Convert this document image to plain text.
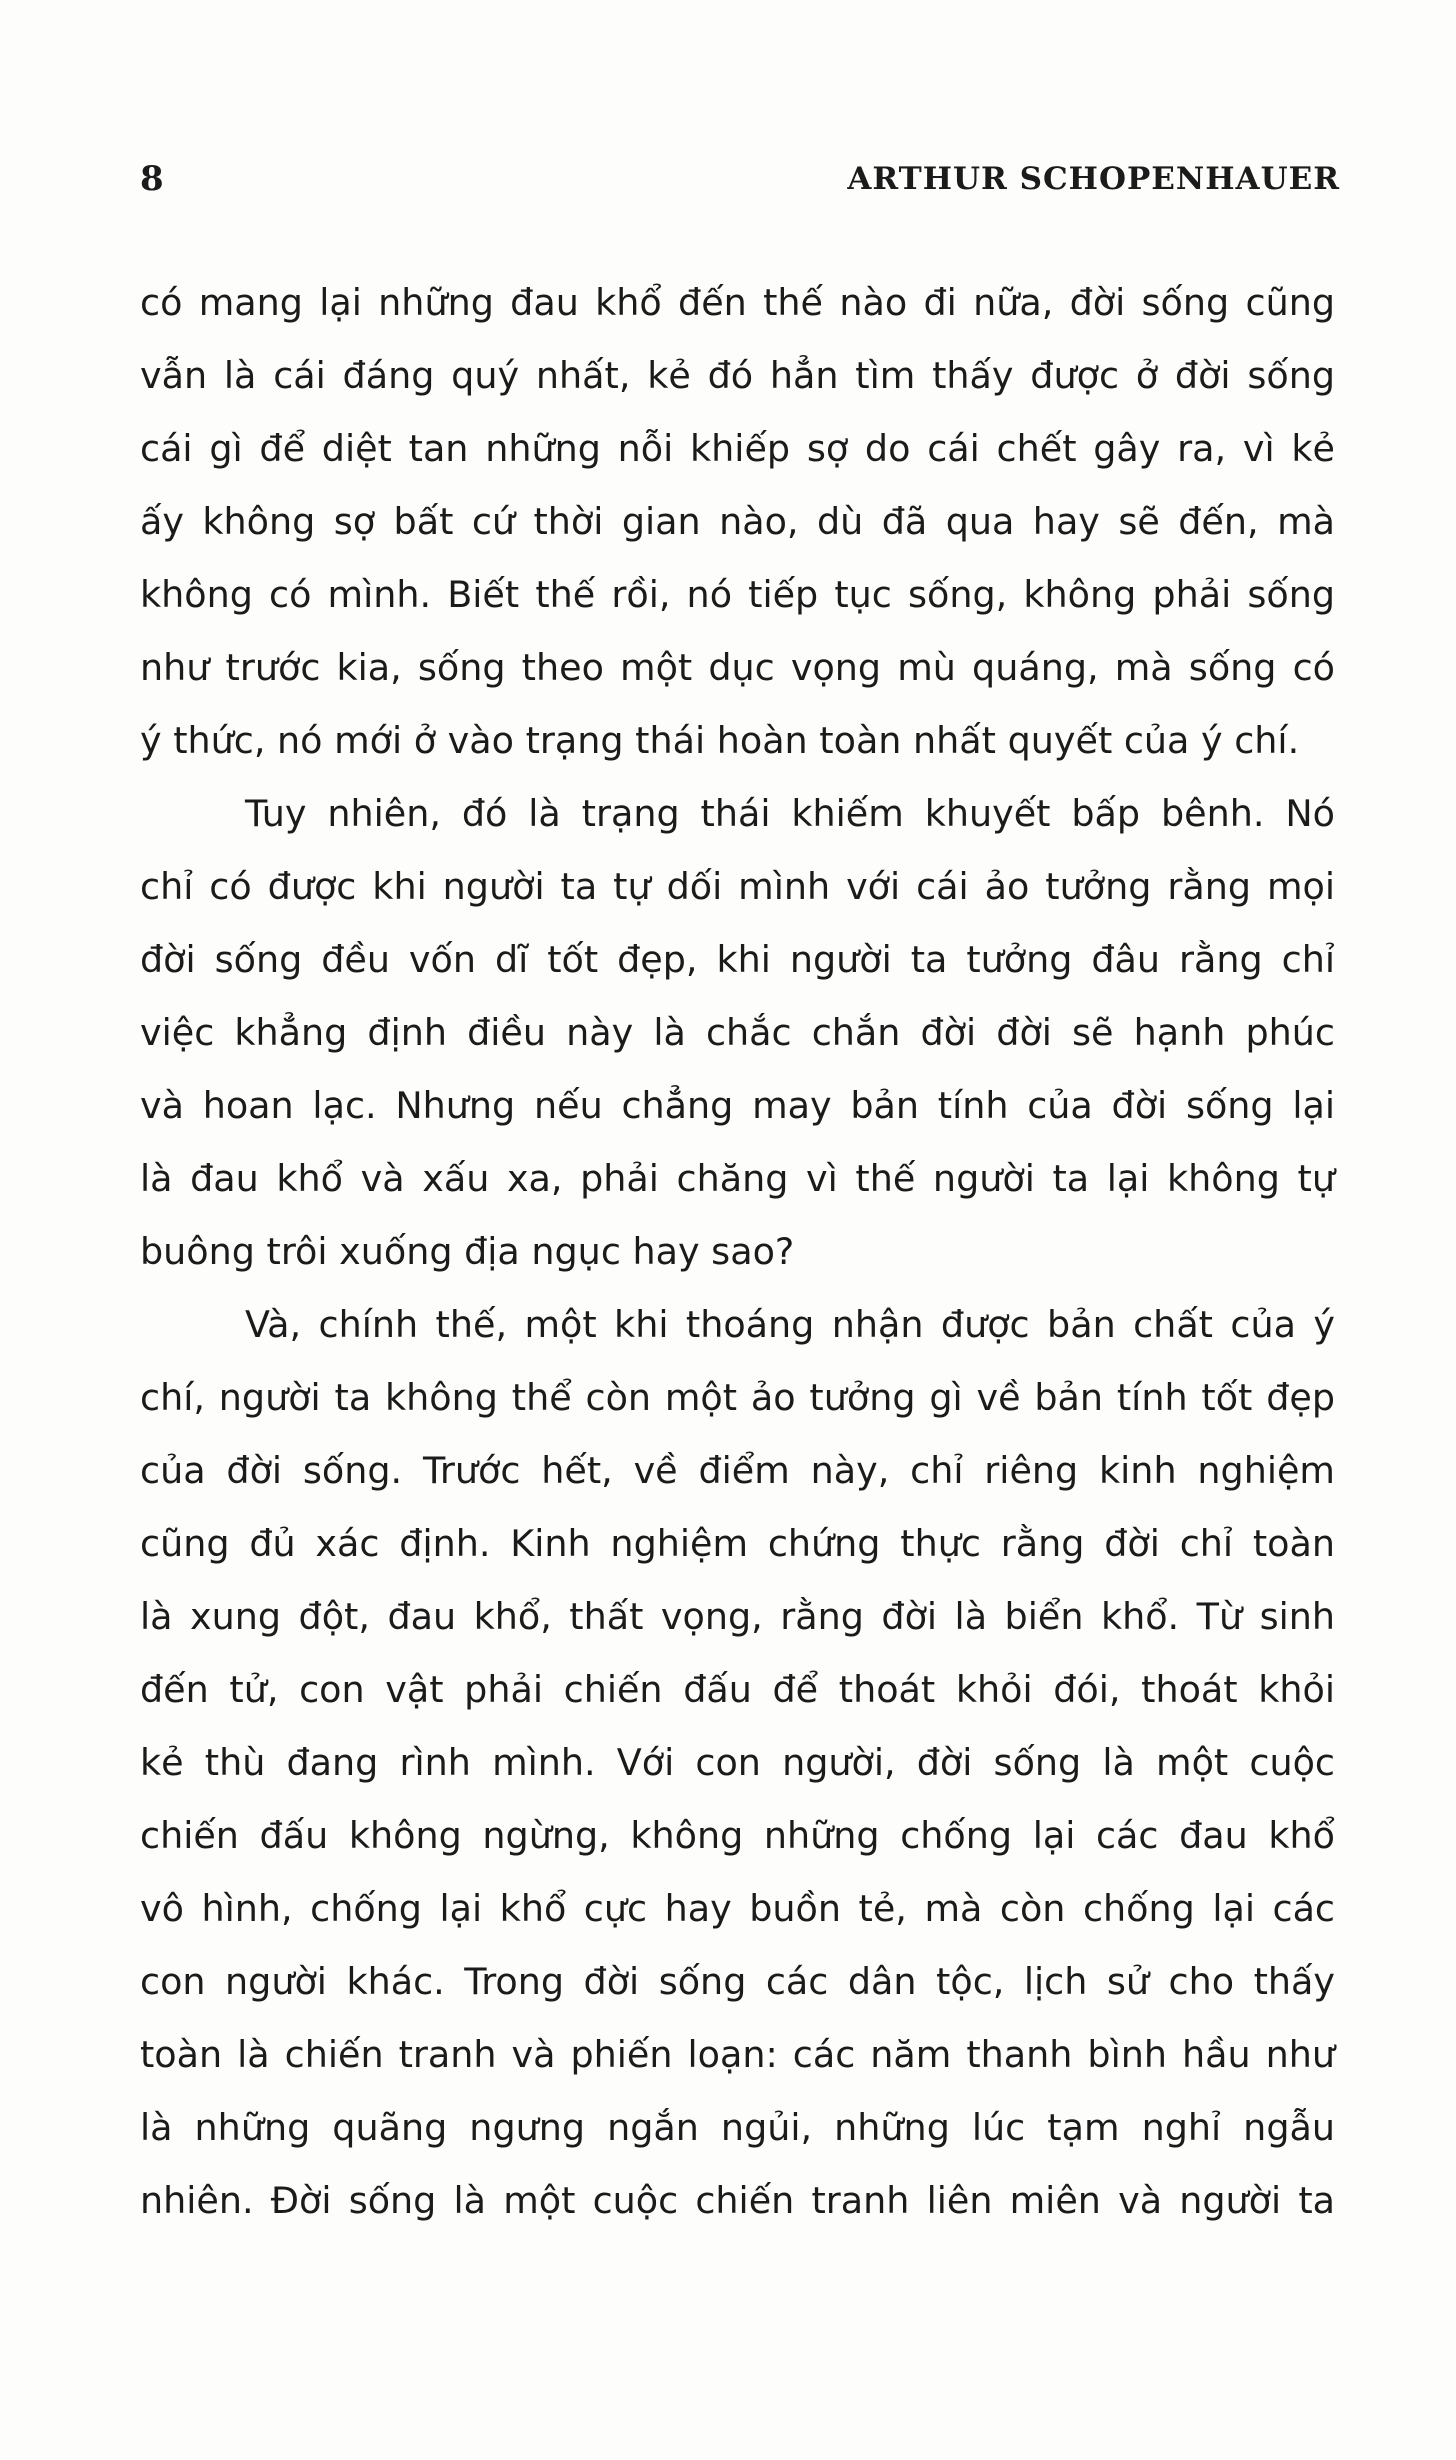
8	ARTHUR SCHOPENHAUER
có mang lại những đau khổ đến thế nào đi nữa, đời sống cũng
vẫn là cái đáng quý nhất, kẻ đó hẳn tìm thấy được ở đời sống
cái gì để diệt tan những nỗi khiếp sợ do cái chết gây ra, vì kẻ
ấy không sợ bất cứ thời gian nào, dù đã qua hay sẽ đến, mà
không có mình. Biết thế rồi, nó tiếp tục sống, không phải sống
như trước kia, sống theo một dục vọng mù quáng, mà sống có
ý thức, nó mới ở vào trạng thái hoàn toàn nhất quyết của ý chí.
Tuy nhiên, đó là trạng thái khiếm khuyết bấp bênh. Nó
chỉ có được khi người ta tự dối mình với cái ảo tưởng rằng mọi
đời sống đều vốn dĩ tốt đẹp, khi người ta tưởng đâu rằng chỉ
việc khẳng định điều này là chắc chắn đời đời sẽ hạnh phúc
và hoan lạc. Nhưng nếu chẳng may bản tính của đời sống lại
là đau khổ và xấu xa, phải chăng vì thế người ta lại không tự
buông trôi xuống địa ngục hay sao?
Và, chính thế, một khi thoáng nhận được bản chất của ý
chí, người ta không thể còn một ảo tưởng gì về bản tính tốt đẹp
của đời sống. Trước hết, về điểm này, chỉ riêng kinh nghiệm
cũng đủ xác định. Kinh nghiệm chứng thực rằng đời chỉ toàn
là xung đột, đau khổ, thất vọng, rằng đời là biển khổ. Từ sinh
đến tử, con vật phải chiến đấu để thoát khỏi đói, thoát khỏi
kẻ thù đang rình mình. Với con người, đời sống là một cuộc
chiến đấu không ngừng, không những chống lại các đau khổ
vô hình, chống lại khổ cực hay buồn tẻ, mà còn chống lại các
con người khác. Trong đời sống các dân tộc, lịch sử cho thấy
toàn là chiến tranh và phiến loạn: các năm thanh bình hầu như
là những quãng ngưng ngắn ngủi, những lúc tạm nghỉ ngẫu
nhiên. Đời sống là một cuộc chiến tranh liên miên và người ta
